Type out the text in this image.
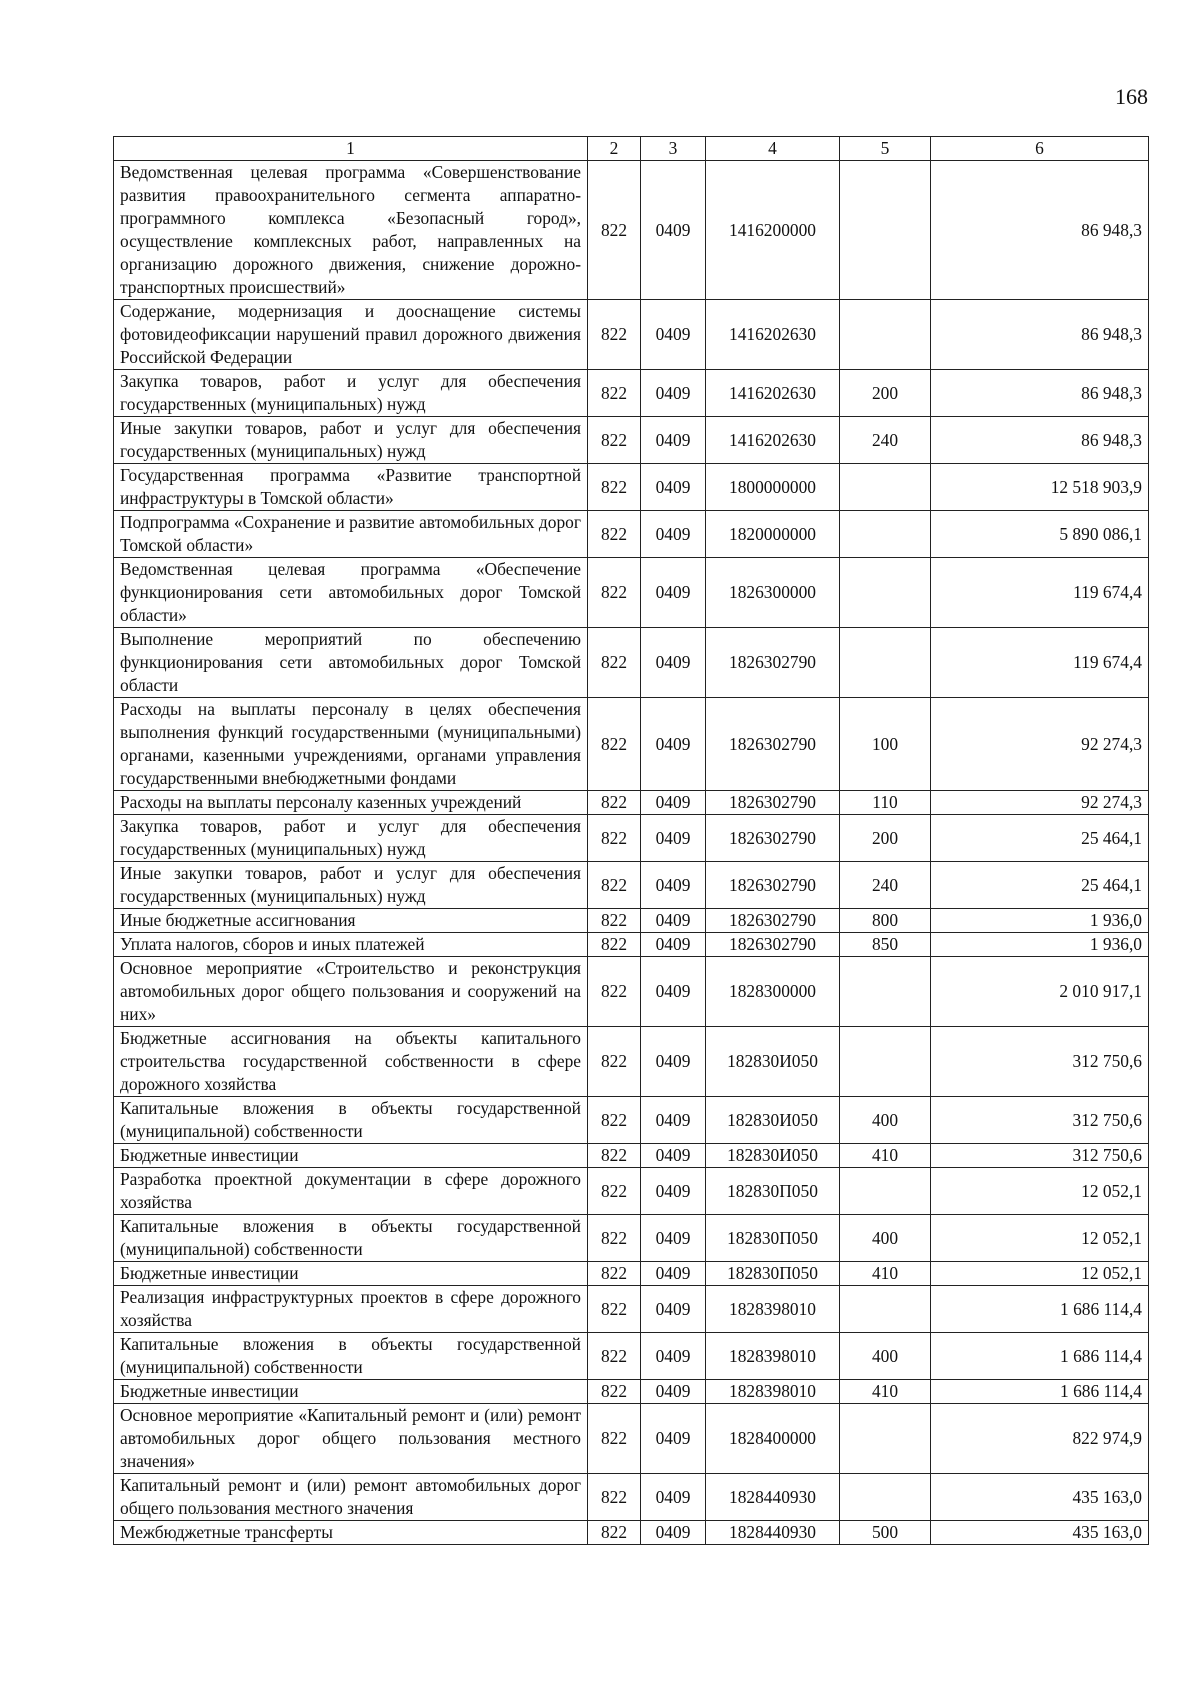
168
1	2	3	4	5	6
Ведомственная целевая программа «Совершенствование развития правоохранительного сегмента аппаратно-программного комплекса «Безопасный город», осуществление комплексных работ, направленных на организацию дорожного движения, снижение дорожно-транспортных происшествий»	822	0409	1416200000		86 948,3
Содержание, модернизация и дооснащение системы фотовидеофиксации нарушений правил дорожного движения Российской Федерации	822	0409	1416202630		86 948,3
Закупка товаров, работ и услуг для обеспечения государственных (муниципальных) нужд	822	0409	1416202630	200	86 948,3
Иные закупки товаров, работ и услуг для обеспечения государственных (муниципальных) нужд	822	0409	1416202630	240	86 948,3
Государственная программа «Развитие транспортной инфраструктуры в Томской области»	822	0409	1800000000		12 518 903,9
Подпрограмма «Сохранение и развитие автомобильных дорог Томской области»	822	0409	1820000000		5 890 086,1
Ведомственная целевая программа «Обеспечение функционирования сети автомобильных дорог Томской области»	822	0409	1826300000		119 674,4
Выполнение мероприятий по обеспечению функционирования сети автомобильных дорог Томской области	822	0409	1826302790		119 674,4
Расходы на выплаты персоналу в целях обеспечения выполнения функций государственными (муниципальными) органами, казенными учреждениями, органами управления государственными внебюджетными фондами	822	0409	1826302790	100	92 274,3
Расходы на выплаты персоналу казенных учреждений	822	0409	1826302790	110	92 274,3
Закупка товаров, работ и услуг для обеспечения государственных (муниципальных) нужд	822	0409	1826302790	200	25 464,1
Иные закупки товаров, работ и услуг для обеспечения государственных (муниципальных) нужд	822	0409	1826302790	240	25 464,1
Иные бюджетные ассигнования	822	0409	1826302790	800	1 936,0
Уплата налогов, сборов и иных платежей	822	0409	1826302790	850	1 936,0
Основное мероприятие «Строительство и реконструкция автомобильных дорог общего пользования и сооружений на них»	822	0409	1828300000		2 010 917,1
Бюджетные ассигнования на объекты капитального строительства государственной собственности в сфере дорожного хозяйства	822	0409	182830И050		312 750,6
Капитальные вложения в объекты государственной (муниципальной) собственности	822	0409	182830И050	400	312 750,6
Бюджетные инвестиции	822	0409	182830И050	410	312 750,6
Разработка проектной документации в сфере дорожного хозяйства	822	0409	182830П050		12 052,1
Капитальные вложения в объекты государственной (муниципальной) собственности	822	0409	182830П050	400	12 052,1
Бюджетные инвестиции	822	0409	182830П050	410	12 052,1
Реализация инфраструктурных проектов в сфере дорожного хозяйства	822	0409	1828398010		1 686 114,4
Капитальные вложения в объекты государственной (муниципальной) собственности	822	0409	1828398010	400	1 686 114,4
Бюджетные инвестиции	822	0409	1828398010	410	1 686 114,4
Основное мероприятие «Капитальный ремонт и (или) ремонт автомобильных дорог общего пользования местного значения»	822	0409	1828400000		822 974,9
Капитальный ремонт и (или) ремонт автомобильных дорог общего пользования местного значения	822	0409	1828440930		435 163,0
Межбюджетные трансферты	822	0409	1828440930	500	435 163,0
